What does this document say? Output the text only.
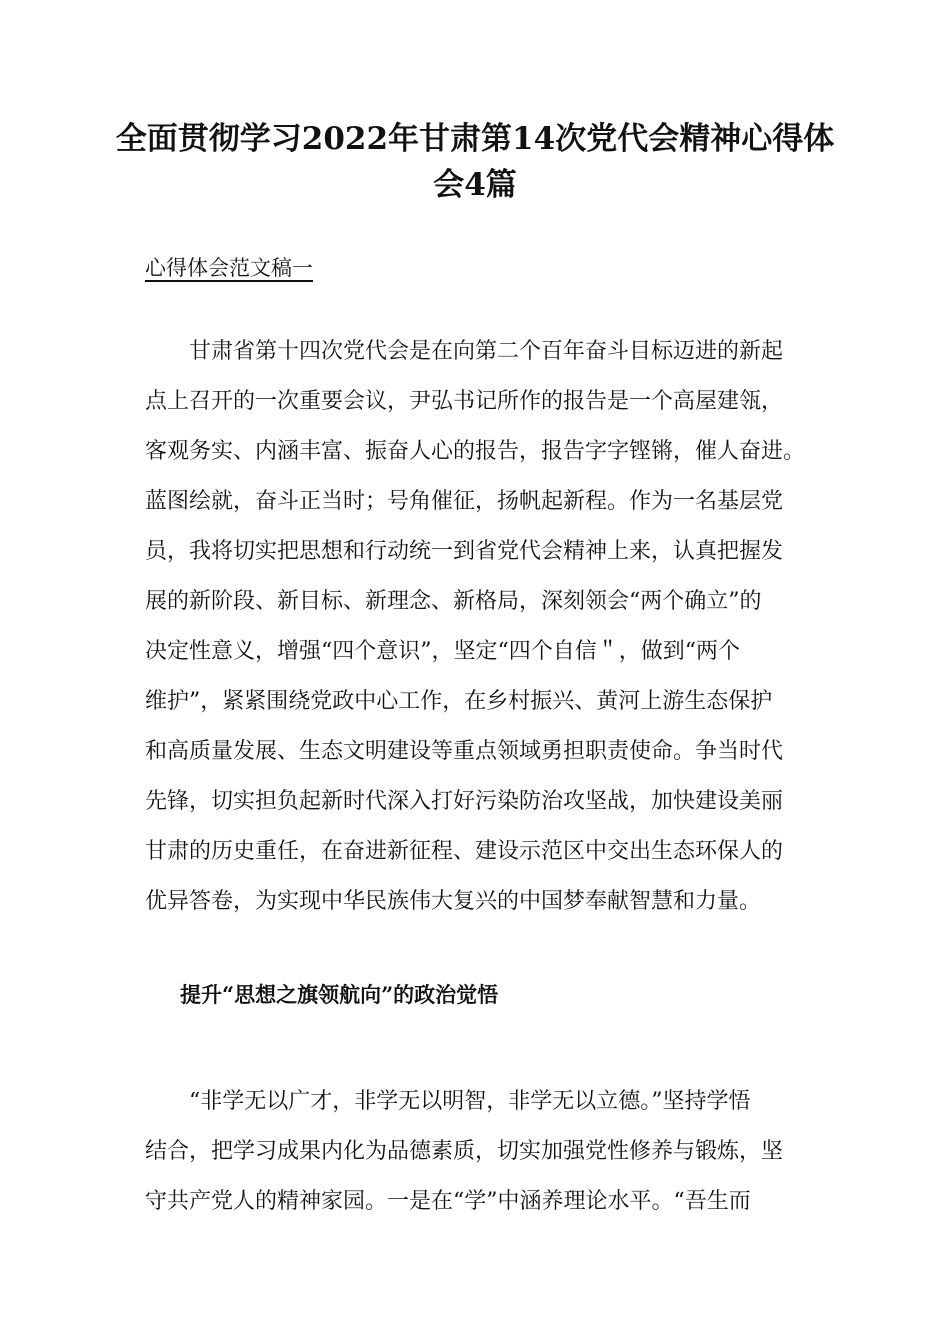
全面贯彻学习2022年甘肃第14次党代会精神心得体
会4篇
心得体会范文稿一

　　甘肃省第十四次党代会是在向第二个百年奋斗目标迈进的新起
点上召开的一次重要会议，尹弘书记所作的报告是一个高屋建瓴，
客观务实、内涵丰富、振奋人心的报告，报告字字铿锵，催人奋进。
蓝图绘就，奋斗正当时；号角催征，扬帆起新程。作为一名基层党
员，我将切实把思想和行动统一到省党代会精神上来，认真把握发
展的新阶段、新目标、新理念、新格局，深刻领会“两个确立”的
决定性意义，增强“四个意识”，坚定“四个自信＂，做到“两个
维护”，紧紧围绕党政中心工作，在乡村振兴、黄河上游生态保护
和高质量发展、生态文明建设等重点领域勇担职责使命。争当时代
先锋，切实担负起新时代深入打好污染防治攻坚战，加快建设美丽
甘肃的历史重任，在奋进新征程、建设示范区中交出生态环保人的
优异答卷，为实现中华民族伟大复兴的中国梦奉献智慧和力量。

提升“思想之旗领航向”的政治觉悟

　　“非学无以广才，非学无以明智，非学无以立德。”坚持学悟
结合，把学习成果内化为品德素质，切实加强党性修养与锻炼，坚
守共产党人的精神家园。一是在“学”中涵养理论水平。“吾生而
